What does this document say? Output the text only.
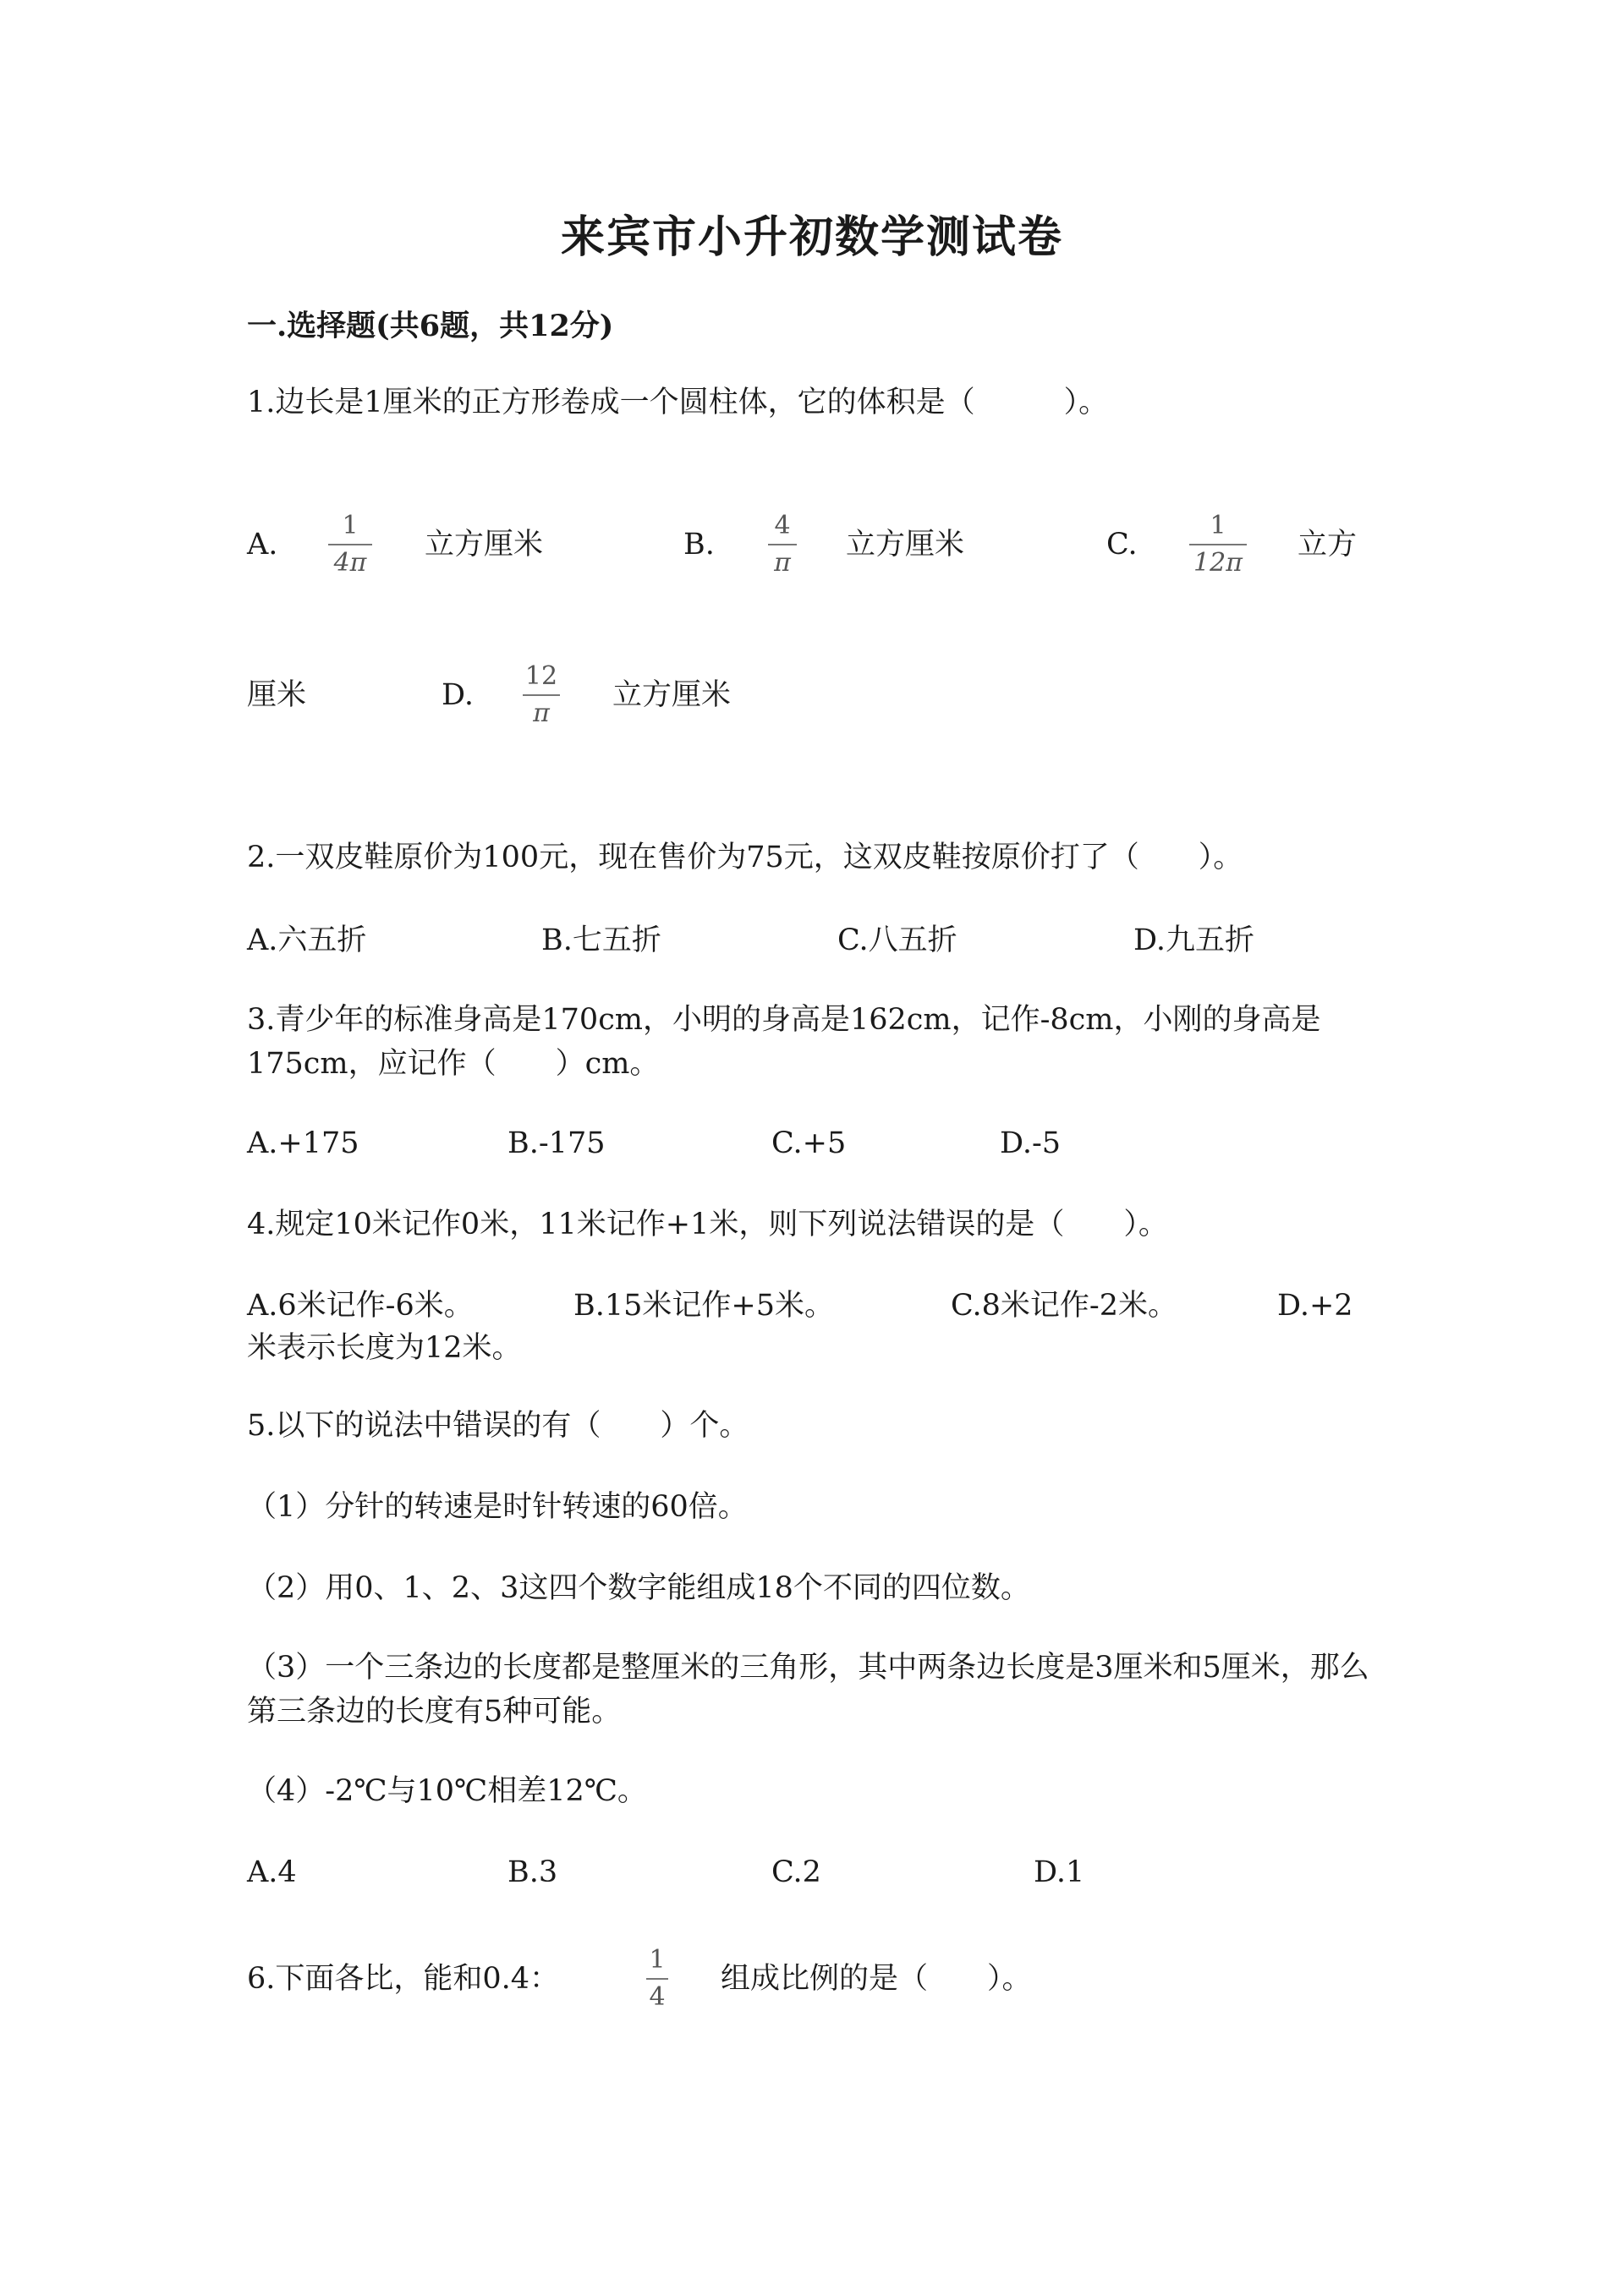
来宾市小升初数学测试卷
一.选择题(共6题，共12分)
1.边长是1厘米的正方形卷成一个圆柱体，它的体积是（　　　）。
A.
1
4π
立方厘米	B.
4
π
立方厘米	C.
1
12π
立方
厘米	D.
12
π
立方厘米
2.一双皮鞋原价为100元，现在售价为75元，这双皮鞋按原价打了（　　）。
A.六五折	B.七五折	C.八五折	D.九五折
3.青少年的标准身高是170cm，小明的身高是162cm，记作-8cm，小刚的身高是175cm，应记作（　　）cm。
A.+175	B.-175	C.+5	D.-5
4.规定10米记作0米，11米记作+1米，则下列说法错误的是（　　）。
A.6米记作-6米。	B.15米记作+5米。	C.8米记作-2米。	D.+2
米表示长度为12米。
5.以下的说法中错误的有（　　）个。
（1）分针的转速是时针转速的60倍。
（2）用0、1、2、3这四个数字能组成18个不同的四位数。
（3）一个三条边的长度都是整厘米的三角形，其中两条边长度是3厘米和5厘米，那么第三条边的长度有5种可能。
（4）-2℃与10℃相差12℃。
A.4	B.3	C.2	D.1
6.下面各比，能和0.4：
1
4
组成比例的是（　　）。
